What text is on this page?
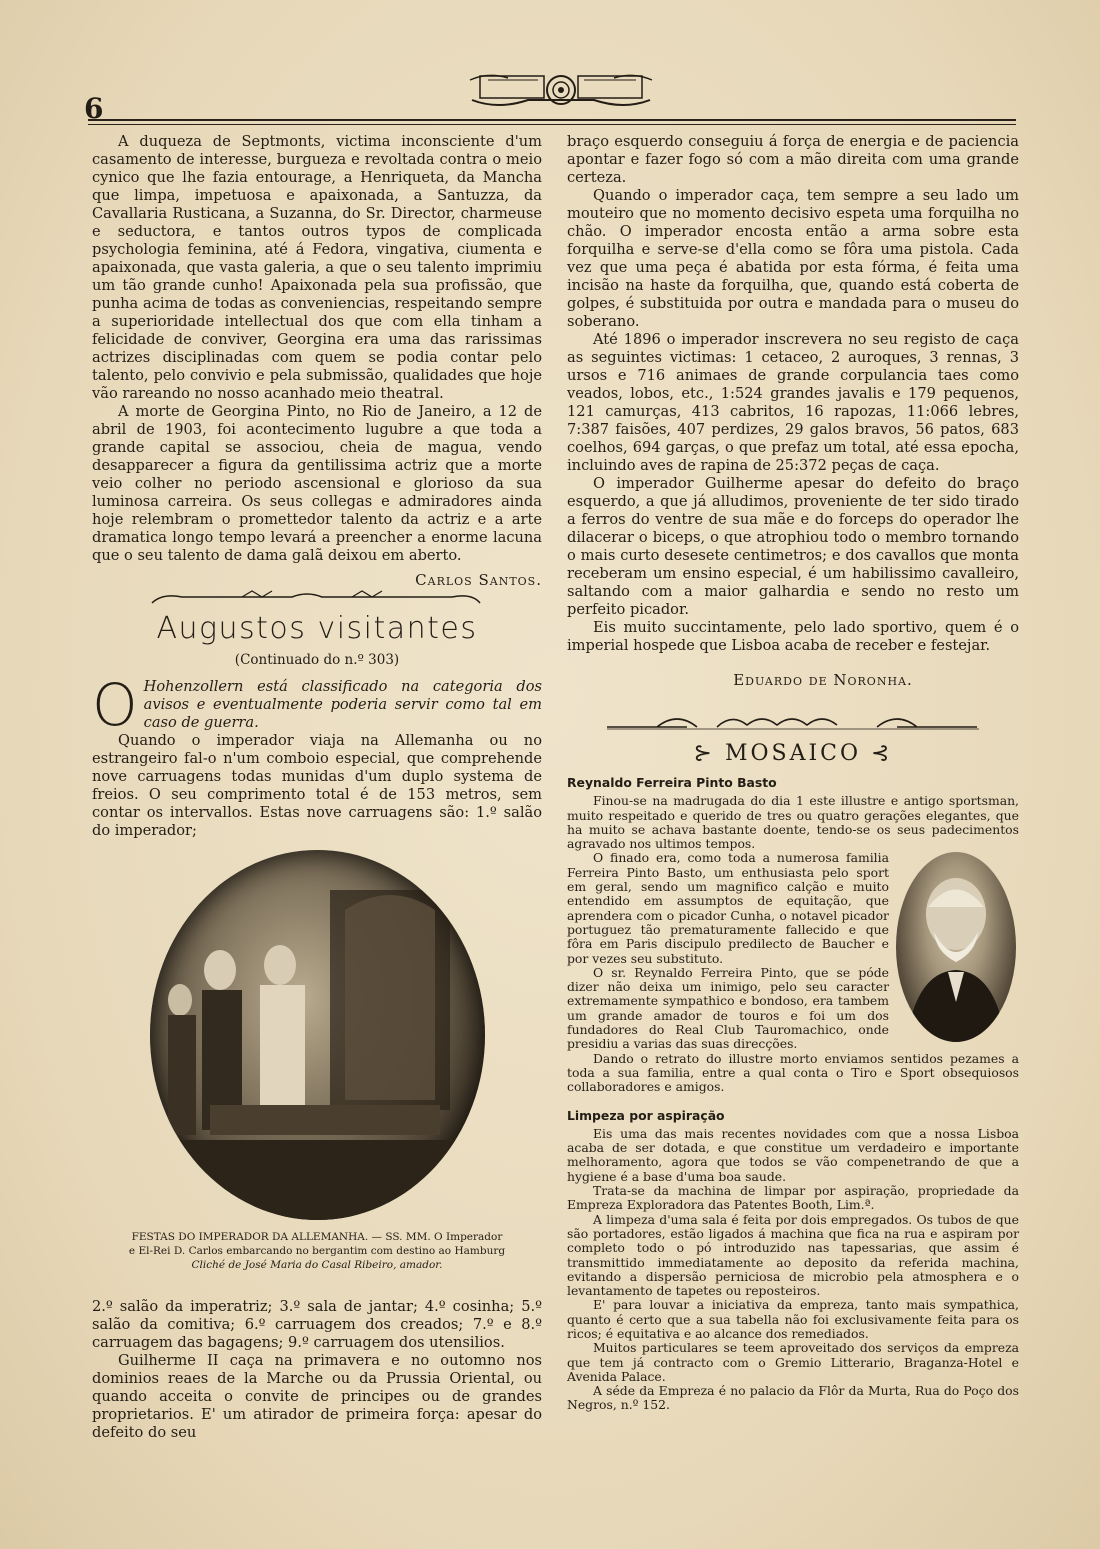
6

A duqueza de Septmonts, victima inconsciente d'um casamento de interesse, burgueza e revoltada contra o meio cynico que lhe fazia entourage, a Henriqueta, da Mancha que limpa, impetuosa e apaixonada, a Santuzza, da Cavallaria Rusticana, a Suzanna, do Sr. Director, charmeuse e seductora, e tantos outros typos de complicada psychologia feminina, até á Fedora, vingativa, ciumenta e apaixonada, que vasta galeria, a que o seu talento imprimiu um tão grande cunho! Apaixonada pela sua profissão, que punha acima de todas as conveniencias, respeitando sempre a superioridade intellectual dos que com ella tinham a felicidade de conviver, Georgina era uma das rarissimas actrizes disciplinadas com quem se podia contar pelo talento, pelo convivio e pela submissão, qualidades que hoje vão rareando no nosso acanhado meio theatral.

A morte de Georgina Pinto, no Rio de Janeiro, a 12 de abril de 1903, foi acontecimento lugubre a que toda a grande capital se associou, cheia de magua, vendo desapparecer a figura da gentilissima actriz que a morte veio colher no periodo ascensional e glorioso da sua luminosa carreira. Os seus collegas e admiradores ainda hoje relembram o promettedor talento da actriz e a arte dramatica longo tempo levará a preencher a enorme lacuna que o seu talento de dama galã deixou em aberto.

Carlos Santos.
Augustos visitantes
(Continuado do n.º 303)
O Hohenzollern está classificado na categoria dos avisos e eventualmente poderia servir como tal em caso de guerra.

Quando o imperador viaja na Allemanha ou no estrangeiro fal-o n'um comboio especial, que comprehende nove carruagens todas munidas d'um duplo systema de freios. O seu comprimento total é de 153 metros, sem contar os intervallos. Estas nove carruagens são: 1.º salão do imperador;

FESTAS DO IMPERADOR DA ALLEMANHA. — SS. MM. O Imperador
e El-Rei D. Carlos embarcando no bergantim com destino ao Hamburg
Cliché de José Maria do Casal Ribeiro, amador.

2.º salão da imperatriz; 3.º sala de jantar; 4.º cosinha; 5.º salão da comitiva; 6.º carruagem dos creados; 7.º e 8.º carruagem das bagagens; 9.º carruagem dos utensilios.

Guilherme II caça na primavera e no outomno nos dominios reaes de la Marche ou da Prussia Oriental, ou quando acceita o convite de principes ou de grandes proprietarios. E' um atirador de primeira força: apesar do defeito do seu

braço esquerdo conseguiu á força de energia e de paciencia apontar e fazer fogo só com a mão direita com uma grande certeza.

Quando o imperador caça, tem sempre a seu lado um mouteiro que no momento decisivo espeta uma forquilha no chão. O imperador encosta então a arma sobre esta forquilha e serve-se d'ella como se fôra uma pistola. Cada vez que uma peça é abatida por esta fórma, é feita uma incisão na haste da forquilha, que, quando está coberta de golpes, é substituida por outra e mandada para o museu do soberano.

Até 1896 o imperador inscrevera no seu registo de caça as seguintes victimas: 1 cetaceo, 2 auroques, 3 rennas, 3 ursos e 716 animaes de grande corpulancia taes como veados, lobos, etc., 1:524 grandes javalis e 179 pequenos, 121 camurças, 413 cabritos, 16 rapozas, 11:066 lebres, 7:387 faisões, 407 perdizes, 29 galos bravos, 56 patos, 683 coelhos, 694 garças, o que prefaz um total, até essa epocha, incluindo aves de rapina de 25:372 peças de caça.

O imperador Guilherme apesar do defeito do braço esquerdo, a que já alludimos, proveniente de ter sido tirado a ferros do ventre de sua mãe e do forceps do operador lhe dilacerar o biceps, o que atrophiou todo o membro tornando o mais curto desesete centimetros; e dos cavallos que monta receberam um ensino especial, é um habilissimo cavalleiro, saltando com a maior galhardia e sendo no resto um perfeito picador.

Eis muito succintamente, pelo lado sportivo, quem é o imperial hospede que Lisboa acaba de receber e festejar.

Eduardo de Noronha.
⊱ MOSAICO ⊰

Reynaldo Ferreira Pinto Basto

Finou-se na madrugada do dia 1 este illustre e antigo sportsman, muito respeitado e querido de tres ou quatro gerações elegantes, que ha muito se achava bastante doente, tendo-se os seus padecimentos agravado nos ultimos tempos.

O finado era, como toda a numerosa familia Ferreira Pinto Basto, um enthusiasta pelo sport em geral, sendo um magnifico calção e muito entendido em assumptos de equitação, que aprendera com o picador Cunha, o notavel picador portuguez tão prematuramente fallecido e que fôra em Paris discipulo predilecto de Baucher e por vezes seu substituto.

O sr. Reynaldo Ferreira Pinto, que se póde dizer não deixa um inimigo, pelo seu caracter extremamente sympathico e bondoso, era tambem um grande amador de touros e foi um dos fundadores do Real Club Tauromachico, onde presidiu a varias das suas direcções.

Dando o retrato do illustre morto enviamos sentidos pezames a toda a sua familia, entre a qual conta o Tiro e Sport obsequiosos collaboradores e amigos.

Limpeza por aspiração

Eis uma das mais recentes novidades com que a nossa Lisboa acaba de ser dotada, e que constitue um verdadeiro e importante melhoramento, agora que todos se vão compenetrando de que a hygiene é a base d'uma boa saude.

Trata-se da machina de limpar por aspiração, propriedade da Empreza Exploradora das Patentes Booth, Lim.ª.

A limpeza d'uma sala é feita por dois empregados. Os tubos de que são portadores, estão ligados á machina que fica na rua e aspiram por completo todo o pó introduzido nas tapessarias, que assim é transmittido immediatamente ao deposito da referida machina, evitando a dispersão perniciosa de microbio pela atmosphera e o levantamento de tapetes ou reposteiros.

E' para louvar a iniciativa da empreza, tanto mais sympathica, quanto é certo que a sua tabella não foi exclusivamente feita para os ricos; é equitativa e ao alcance dos remediados.

Muitos particulares se teem aproveitado dos serviços da empreza que tem já contracto com o Gremio Litterario, Braganza-Hotel e Avenida Palace.

A séde da Empreza é no palacio da Flôr da Murta, Rua do Poço dos Negros, n.º 152.
